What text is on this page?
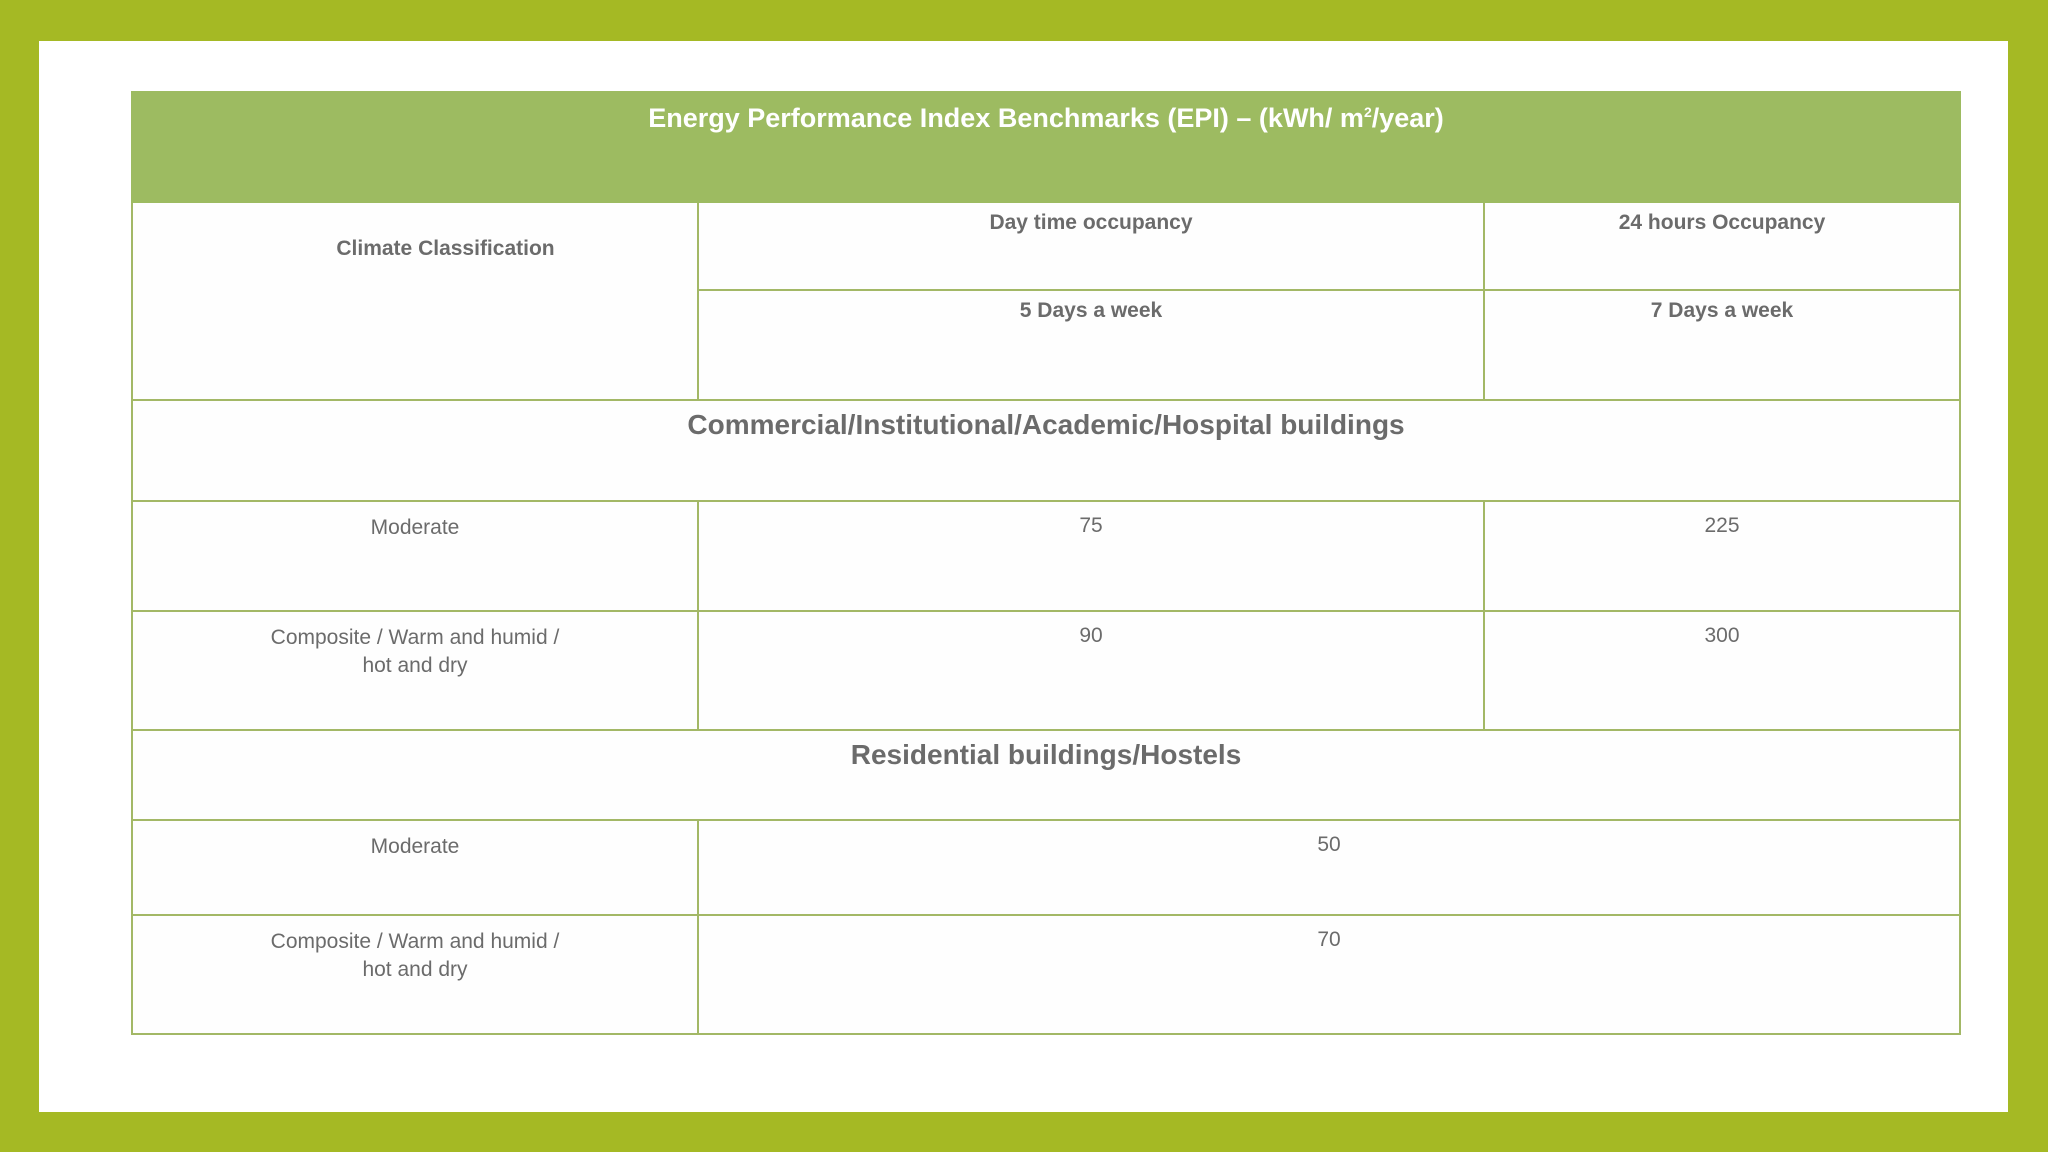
Energy Performance Index Benchmarks (EPI) – (kWh/ $m^2/year$)		
Climate Classification	Day time occupancy	24 hours Occupancy
	5 Days a week	7 Days a week
Commercial/Institutional/Academic/Hospital buildings		
Moderate	75	225

Composite / Warm and humid /
hot and dry	90	300
Residential buildings/Hostels		
Moderate	50	

Composite / Warm and humid /
hot and dry	70	
